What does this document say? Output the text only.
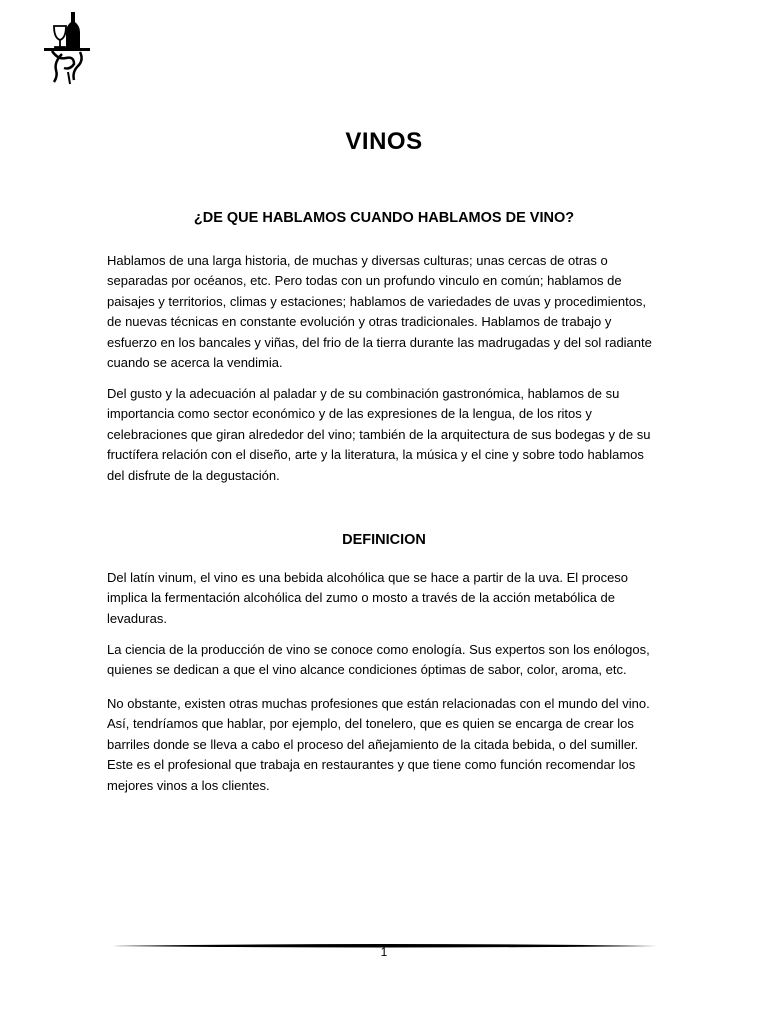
VINOS
¿DE QUE HABLAMOS CUANDO HABLAMOS DE VINO?

Hablamos de una larga historia, de muchas y diversas culturas; unas cercas de otras o separadas por océanos, etc. Pero todas con un profundo vinculo en común; hablamos de paisajes y territorios, climas y estaciones; hablamos de variedades de uvas y procedimientos, de nuevas técnicas en constante evolución y otras tradicionales. Hablamos de trabajo y esfuerzo en los bancales y viñas, del frio de la tierra durante las madrugadas y del sol radiante cuando se acerca la vendimia.

Del gusto y la adecuación al paladar y de su combinación gastronómica, hablamos de su importancia como sector económico y de las expresiones de la lengua, de los ritos y celebraciones que giran alrededor del vino; también de la arquitectura de sus bodegas y de su fructífera relación con el diseño, arte y la literatura, la música y el cine y sobre todo hablamos del disfrute de la degustación.

DEFINICION

Del latín vinum, el vino es una bebida alcohólica que se hace a partir de la uva. El proceso implica la fermentación alcohólica del zumo o mosto a través de la acción metabólica de levaduras.

La ciencia de la producción de vino se conoce como enología. Sus expertos son los enólogos, quienes se dedican a que el vino alcance condiciones óptimas de sabor, color, aroma, etc.

No obstante, existen otras muchas profesiones que están relacionadas con el mundo del vino. Así, tendríamos que hablar, por ejemplo, del tonelero, que es quien se encarga de crear los barriles donde se lleva a cabo el proceso del añejamiento de la citada bebida, o del sumiller. Este es el profesional que trabaja en restaurantes y que tiene como función recomendar los mejores vinos a los clientes.

1
